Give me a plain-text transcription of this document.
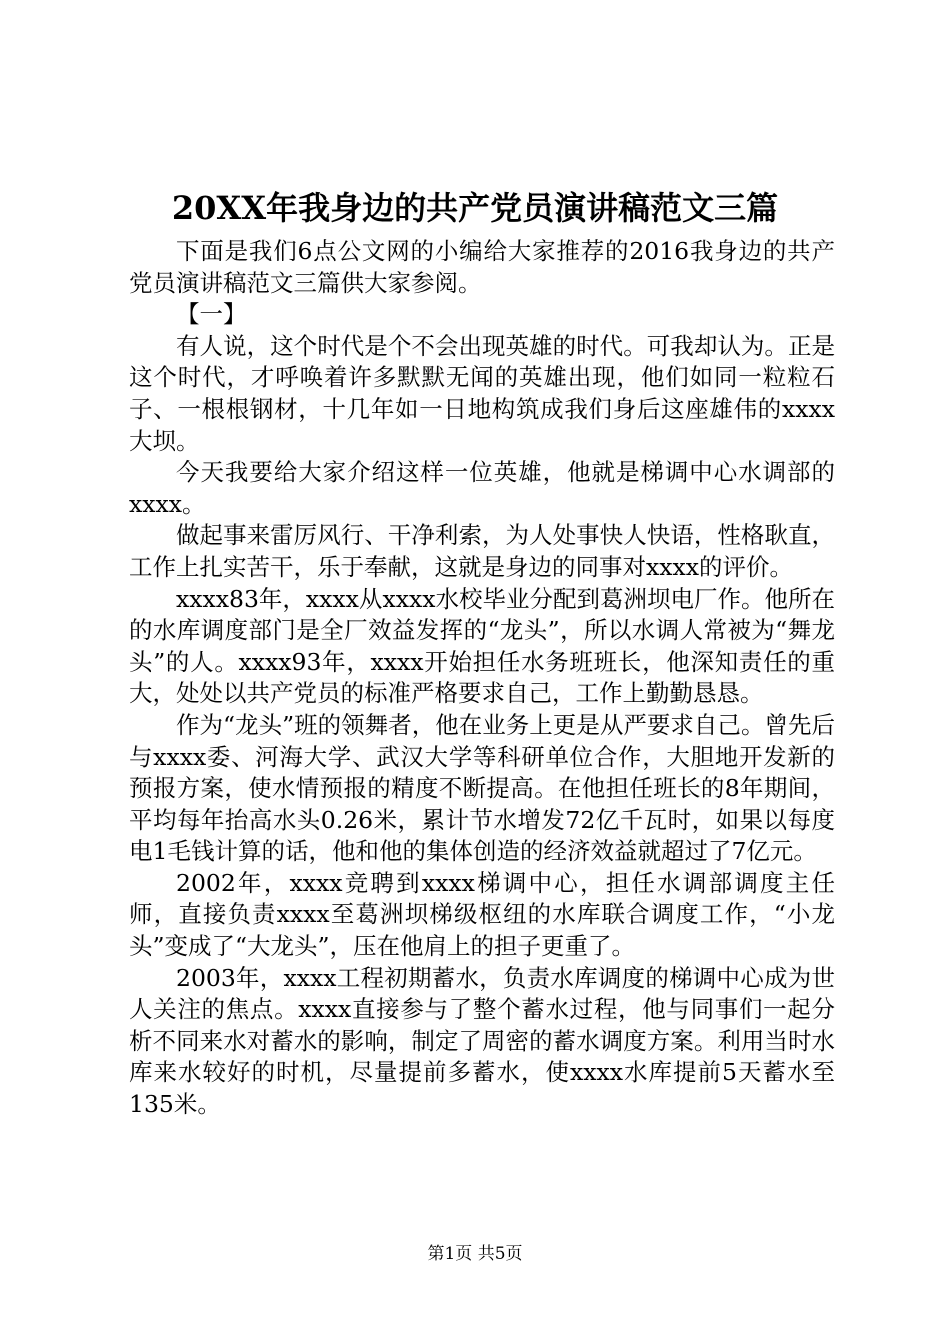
20XX年我身边的共产党员演讲稿范文三篇

下面是我们6点公文网的小编给大家推荐的2016我身边的共产党员演讲稿范文三篇供大家参阅。

【一】

有人说，这个时代是个不会出现英雄的时代。可我却认为。正是这个时代，才呼唤着许多默默无闻的英雄出现，他们如同一粒粒石子、一根根钢材，十几年如一日地构筑成我们身后这座雄伟的xxxx大坝。

今天我要给大家介绍这样一位英雄，他就是梯调中心水调部的xxxx。

做起事来雷厉风行、干净利索，为人处事快人快语，性格耿直，工作上扎实苦干，乐于奉献，这就是身边的同事对xxxx的评价。

xxxx83年，xxxx从xxxx水校毕业分配到葛洲坝电厂作。他所在的水库调度部门是全厂效益发挥的“龙头”，所以水调人常被为“舞龙头”的人。xxxx93年，xxxx开始担任水务班班长，他深知责任的重大，处处以共产党员的标准严格要求自己，工作上勤勤恳恳。

作为“龙头”班的领舞者，他在业务上更是从严要求自己。曾先后与xxxx委、河海大学、武汉大学等科研单位合作，大胆地开发新的预报方案，使水情预报的精度不断提高。在他担任班长的8年期间，平均每年抬高水头0.26米，累计节水增发72亿千瓦时，如果以每度电1毛钱计算的话，他和他的集体创造的经济效益就超过了7亿元。

2002年，xxxx竞聘到xxxx梯调中心，担任水调部调度主任师，直接负责xxxx至葛洲坝梯级枢纽的水库联合调度工作，“小龙头”变成了“大龙头”，压在他肩上的担子更重了。

2003年，xxxx工程初期蓄水，负责水库调度的梯调中心成为世人关注的焦点。xxxx直接参与了整个蓄水过程，他与同事们一起分析不同来水对蓄水的影响，制定了周密的蓄水调度方案。利用当时水库来水较好的时机，尽量提前多蓄水，使xxxx水库提前5天蓄水至135米。

第1页 共5页
